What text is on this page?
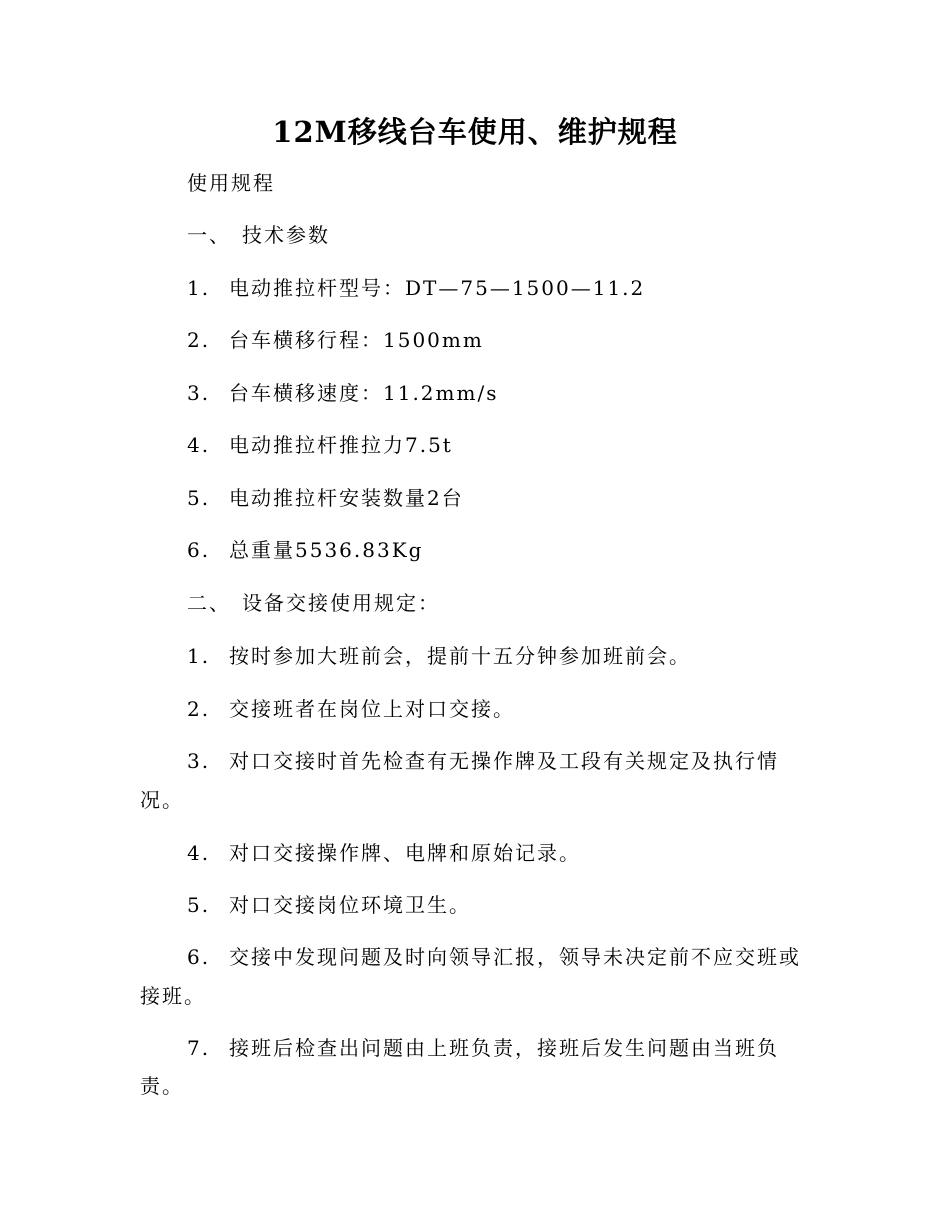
12M移线台车使用、维护规程
使用规程
一、 技术参数
1. 电动推拉杆型号：DT—75—1500—11.2
2. 台车横移行程：1500mm
3. 台车横移速度：11.2mm/s
4. 电动推拉杆推拉力7.5t
5. 电动推拉杆安装数量2台
6. 总重量5536.83Kg
二、 设备交接使用规定：
1. 按时参加大班前会，提前十五分钟参加班前会。
2. 交接班者在岗位上对口交接。
3. 对口交接时首先检查有无操作牌及工段有关规定及执行情
况。
4. 对口交接操作牌、电牌和原始记录。
5. 对口交接岗位环境卫生。
6. 交接中发现问题及时向领导汇报，领导未决定前不应交班或
接班。
7. 接班后检查出问题由上班负责，接班后发生问题由当班负
责。
